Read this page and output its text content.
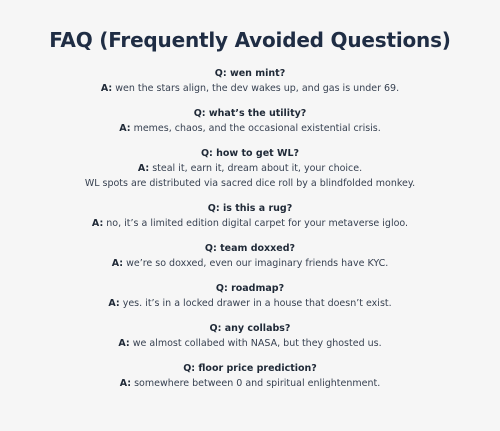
FAQ (Frequently Avoided Questions)
Q: wen mint?
A: wen the stars align, the dev wakes up, and gas is under 69.
Q: what’s the utility?
A: memes, chaos, and the occasional existential crisis.
Q: how to get WL?
A: steal it, earn it, dream about it, your choice.
WL spots are distributed via sacred dice roll by a blindfolded monkey.
Q: is this a rug?
A: no, it’s a limited edition digital carpet for your metaverse igloo.
Q: team doxxed?
A: we’re so doxxed, even our imaginary friends have KYC.
Q: roadmap?
A: yes. it’s in a locked drawer in a house that doesn’t exist.
Q: any collabs?
A: we almost collabed with NASA, but they ghosted us.
Q: floor price prediction?
A: somewhere between 0 and spiritual enlightenment.
